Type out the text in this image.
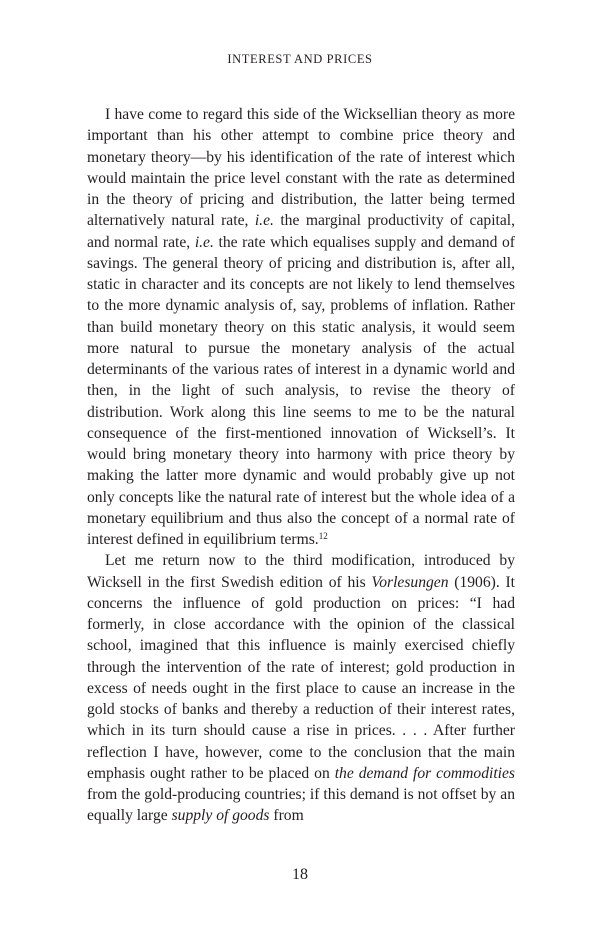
INTEREST AND PRICES

I have come to regard this side of the Wicksellian theory as more important than his other attempt to combine price theory and monetary theory—by his identification of the rate of interest which would maintain the price level constant with the rate as determined in the theory of pricing and distribution, the latter being termed alternatively natural rate, i.e. the marginal productivity of capital, and normal rate, i.e. the rate which equalises supply and demand of savings. The general theory of pricing and distribution is, after all, static in character and its concepts are not likely to lend themselves to the more dynamic analysis of, say, problems of inflation. Rather than build monetary theory on this static analysis, it would seem more natural to pursue the monetary analysis of the actual determinants of the various rates of interest in a dynamic world and then, in the light of such analysis, to revise the theory of distribution. Work along this line seems to me to be the natural consequence of the first-mentioned innovation of Wicksell’s. It would bring monetary theory into harmony with price theory by making the latter more dynamic and would probably give up not only concepts like the natural rate of interest but the whole idea of a monetary equilibrium and thus also the concept of a normal rate of interest defined in equilibrium terms.$^{12}$

Let me return now to the third modification, introduced by Wicksell in the first Swedish edition of his Vorlesungen (1906). It concerns the influence of gold production on prices: “I had formerly, in close accordance with the opinion of the classical school, imagined that this influence is mainly exercised chiefly through the intervention of the rate of interest; gold production in excess of needs ought in the first place to cause an increase in the gold stocks of banks and thereby a reduction of their interest rates, which in its turn should cause a rise in prices. . . . After further reflection I have, however, come to the conclusion that the main emphasis ought rather to be placed on the demand for commodities from the gold-producing countries; if this demand is not offset by an equally large supply of goods from

18
